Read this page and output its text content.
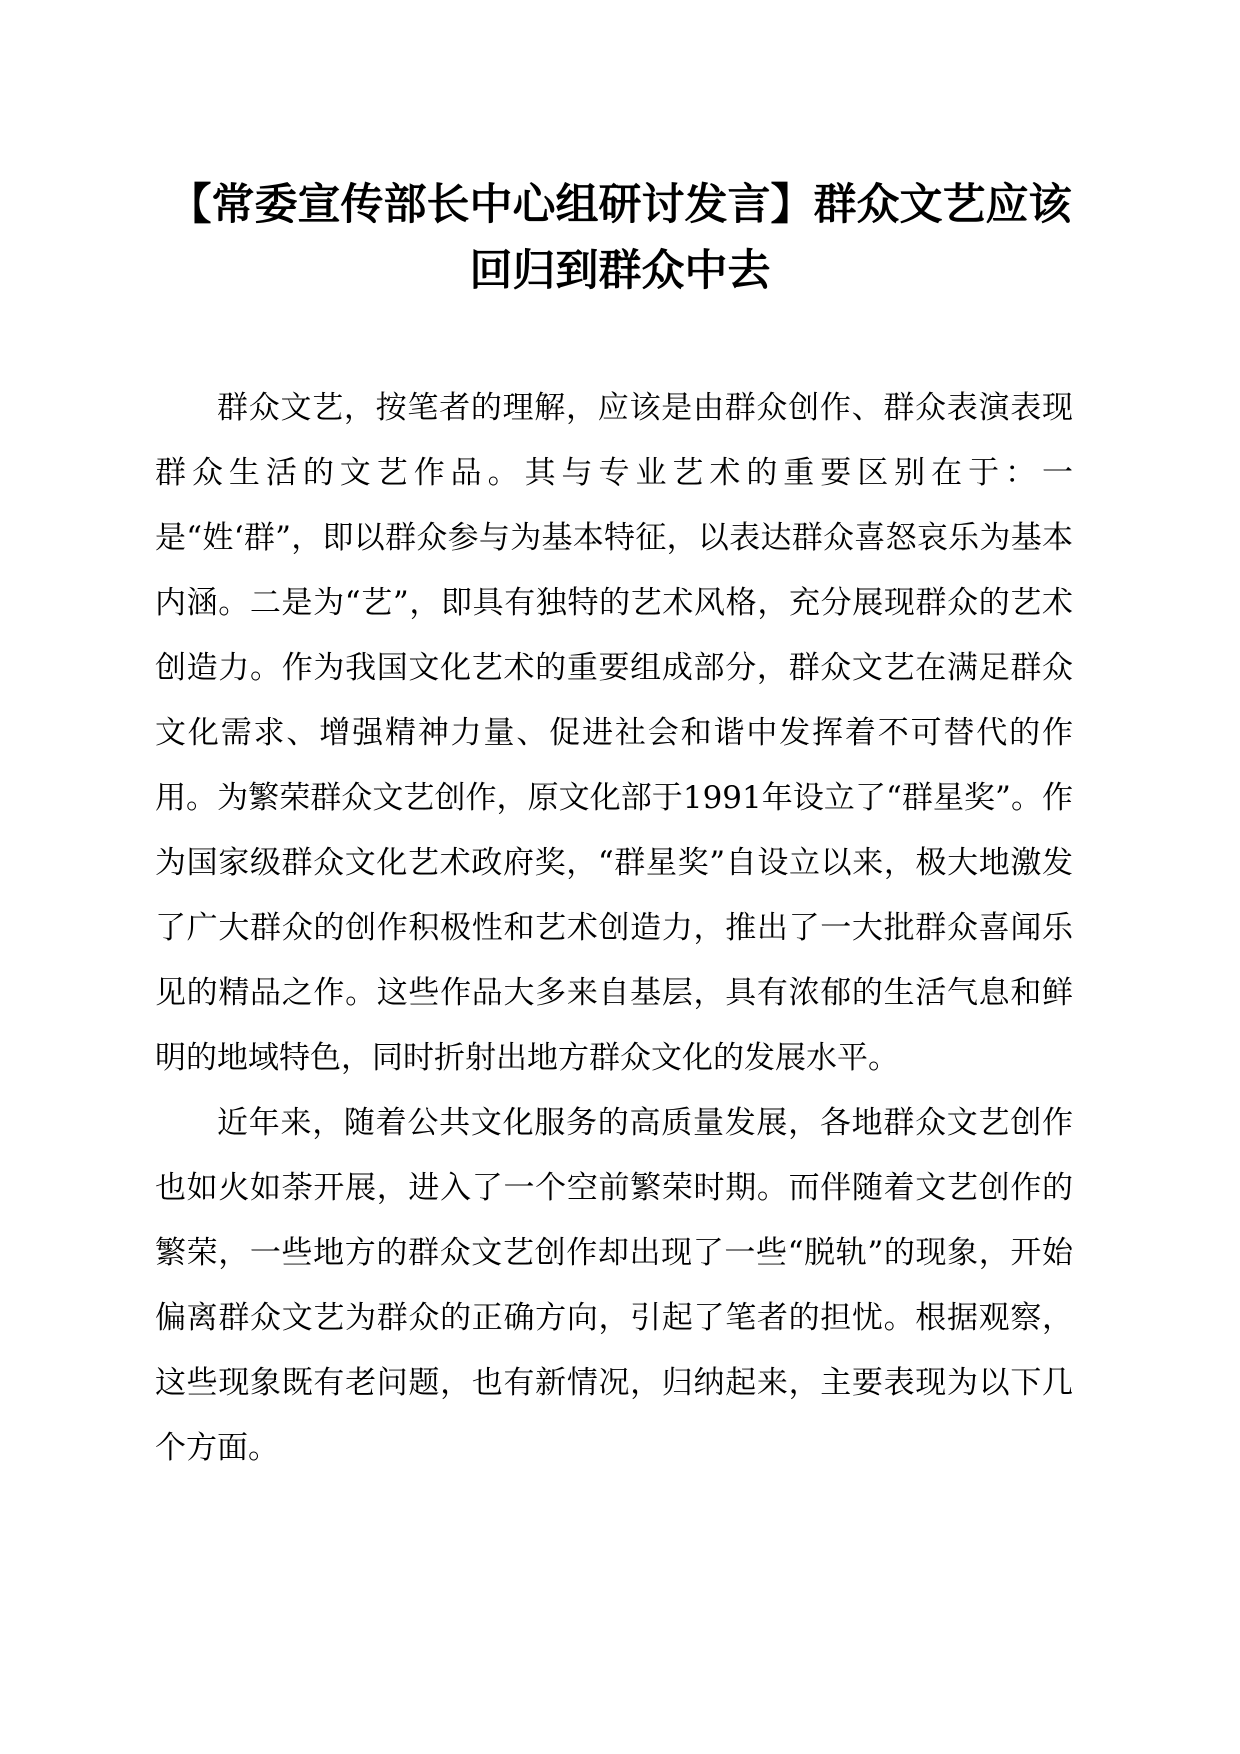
【常委宣传部长中心组研讨发言】群众文艺应该回归到群众中去

群众文艺，按笔者的理解，应该是由群众创作、群众表演表现群众生活的文艺作品。其与专业艺术的重要区别在于：一是“姓‘群”，即以群众参与为基本特征，以表达群众喜怒哀乐为基本内涵。二是为“艺”，即具有独特的艺术风格，充分展现群众的艺术创造力。作为我国文化艺术的重要组成部分，群众文艺在满足群众文化需求、增强精神力量、促进社会和谐中发挥着不可替代的作用。为繁荣群众文艺创作，原文化部于1991年设立了“群星奖”。作为国家级群众文化艺术政府奖，“群星奖”自设立以来，极大地激发了广大群众的创作积极性和艺术创造力，推出了一大批群众喜闻乐见的精品之作。这些作品大多来自基层，具有浓郁的生活气息和鲜明的地域特色，同时折射出地方群众文化的发展水平。

近年来，随着公共文化服务的高质量发展，各地群众文艺创作也如火如荼开展，进入了一个空前繁荣时期。而伴随着文艺创作的繁荣，一些地方的群众文艺创作却出现了一些“脱轨”的现象，开始偏离群众文艺为群众的正确方向，引起了笔者的担忧。根据观察，这些现象既有老问题，也有新情况，归纳起来，主要表现为以下几个方面。
